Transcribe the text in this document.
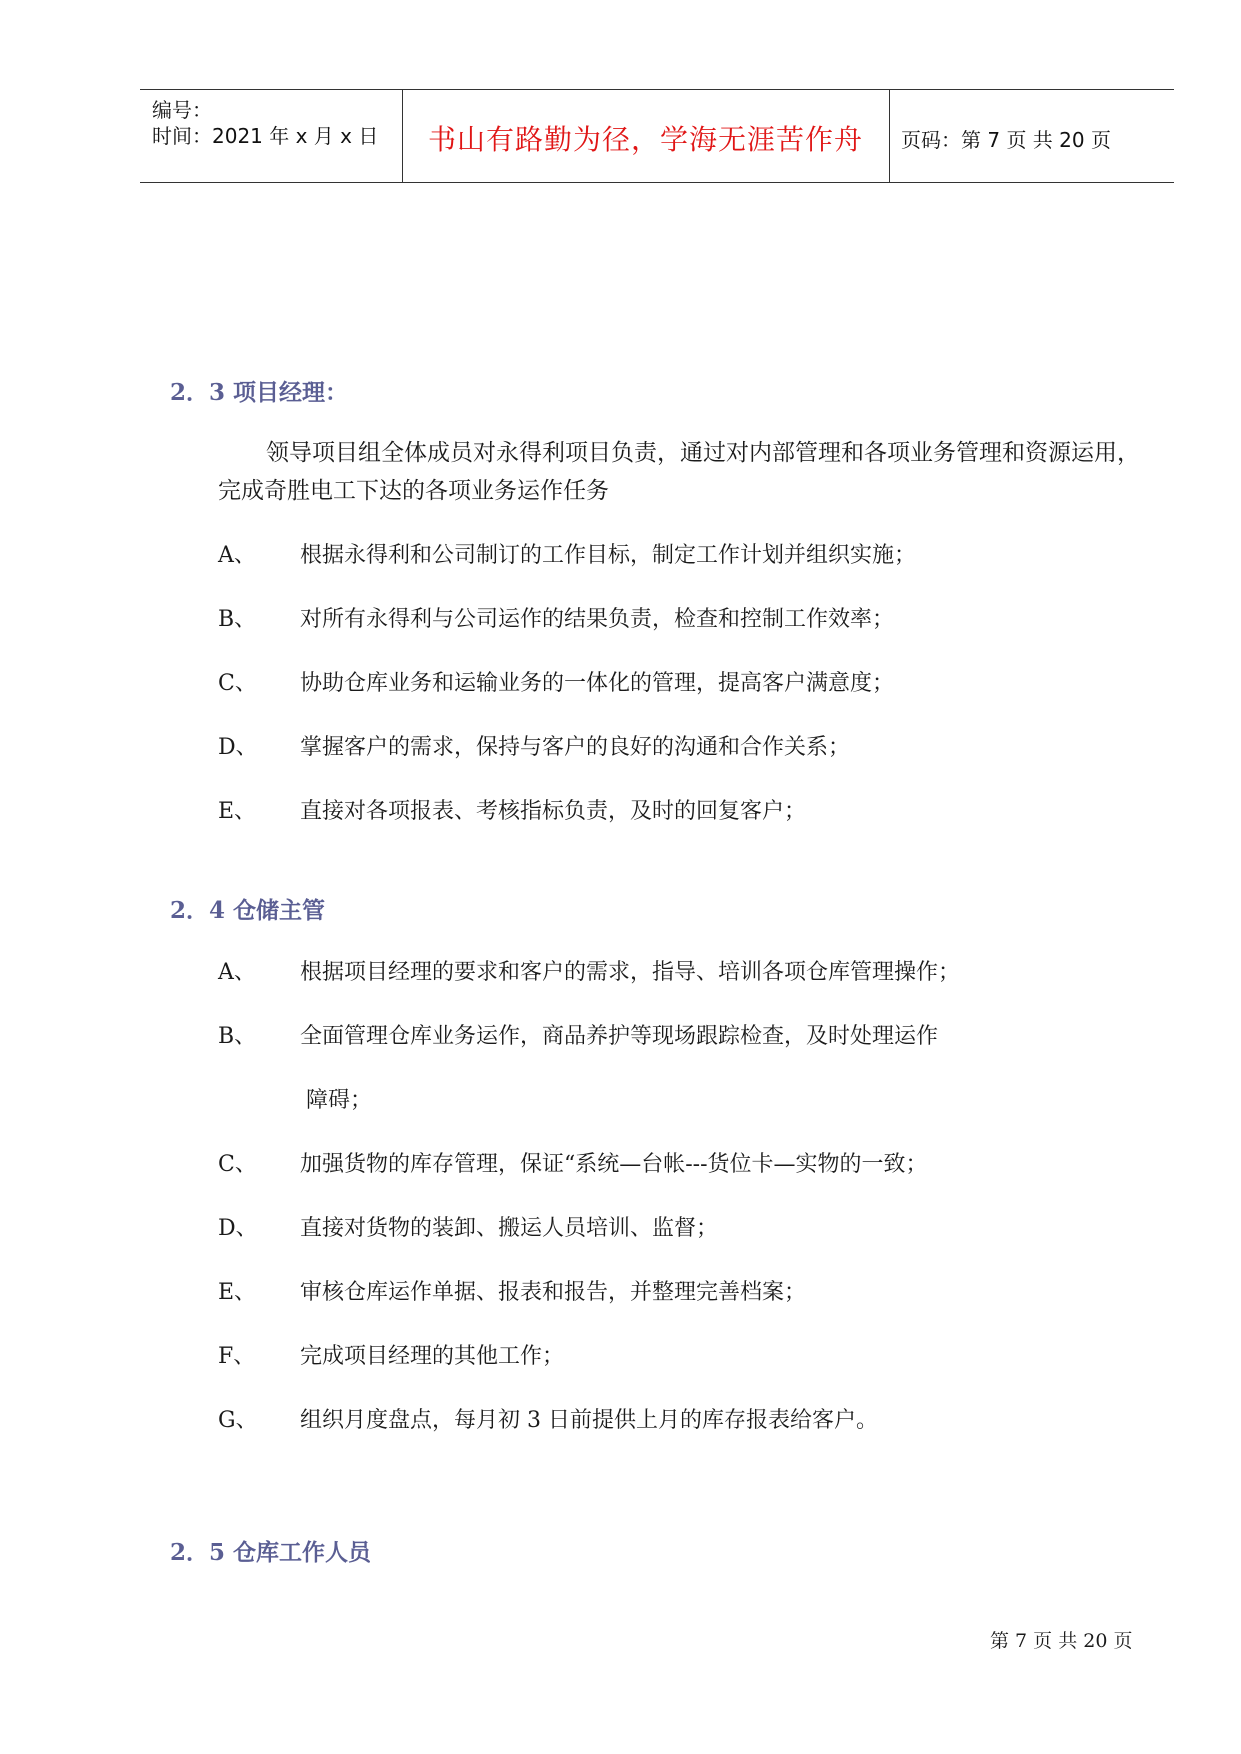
编号：
时间：2021 年 x 月 x 日	书山有路勤为径，学海无涯苦作舟	页码：第 7 页 共 20 页
2．3 项目经理：
领导项目组全体成员对永得利项目负责，通过对内部管理和各项业务管理和资源运用，完成奇胜电工下达的各项业务运作任务
A、 根据永得利和公司制订的工作目标，制定工作计划并组织实施；
B、 对所有永得利与公司运作的结果负责，检查和控制工作效率；
C、 协助仓库业务和运输业务的一体化的管理，提高客户满意度；
D、 掌握客户的需求，保持与客户的良好的沟通和合作关系；
E、 直接对各项报表、考核指标负责，及时的回复客户；
2．4 仓储主管
A、 根据项目经理的要求和客户的需求，指导、培训各项仓库管理操作；
B、 全面管理仓库业务运作，商品养护等现场跟踪检查，及时处理运作
障碍；
C、 加强货物的库存管理，保证“系统—台帐---货位卡—实物的一致；
D、 直接对货物的装卸、搬运人员培训、监督；
E、 审核仓库运作单据、报表和报告，并整理完善档案；
F、 完成项目经理的其他工作；
G、 组织月度盘点，每月初 3 日前提供上月的库存报表给客户。
2．5 仓库工作人员
第 7 页 共 20 页
